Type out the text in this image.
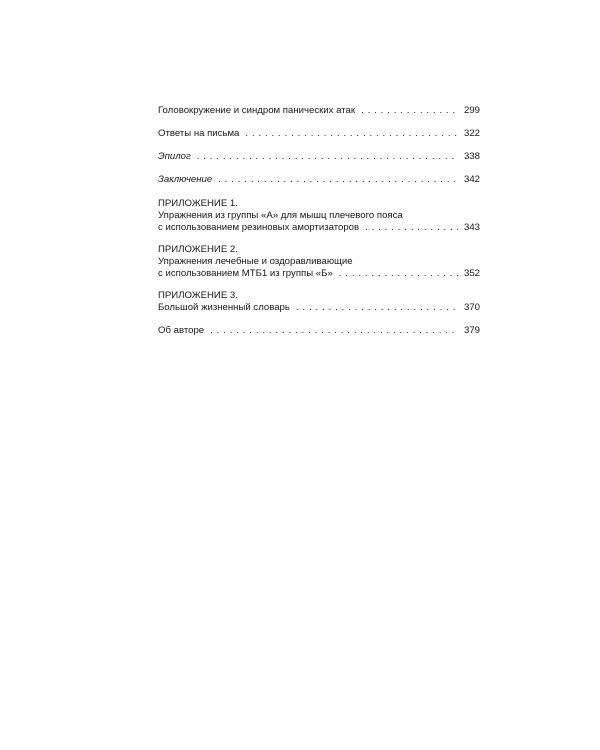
Головокружение и синдром панических атак . . .	299
Ответы на письма . . .	322
Эпилог . . .	338
Заключение . . .	342
ПРИЛОЖЕНИЕ 1.
Упражнения из группы «А» для мышц плечевого пояса
с использованием резиновых амортизаторов . . .	343
ПРИЛОЖЕНИЕ 2.
Упражнения лечебные и оздоравливающие
с использованием МТБ1 из группы «Б» . . .	352
ПРИЛОЖЕНИЕ 3.
Большой жизненный словарь . . .	370
Об авторе . . .	379
